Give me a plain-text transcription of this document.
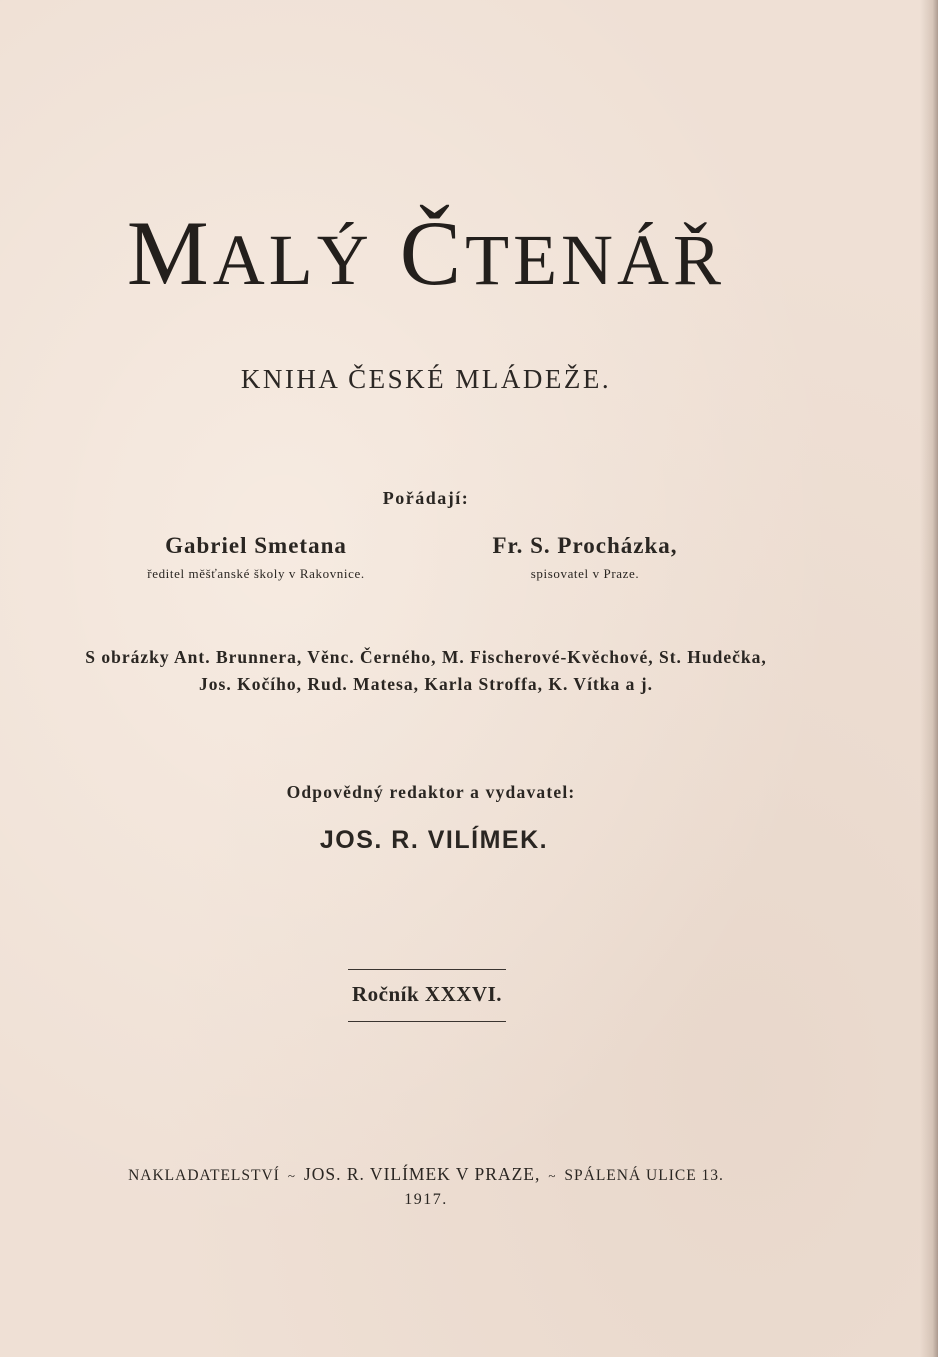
MALÝ ČTENÁŘ
KNIHA ČESKÉ MLÁDEŽE.
Pořádají:
Gabriel Smetana
ředitel měšťanské školy v Rakovnice.
Fr. S. Procházka,
spisovatel v Praze.
S obrázky Ant. Brunnera, Věnc. Černého, M. Fischerové-Kvěchové, St. Hudečka,
Jos. Kočího, Rud. Matesa, Karla Stroffa, K. Vítka a j.
Odpovědný redaktor a vydavatel:
JOS. R. VILÍMEK.
Ročník XXXVI.
NAKLADATELSTVÍ ~ JOS. R. VILÍMEK V PRAZE, ~ SPÁLENÁ ULICE 13.
1917.
